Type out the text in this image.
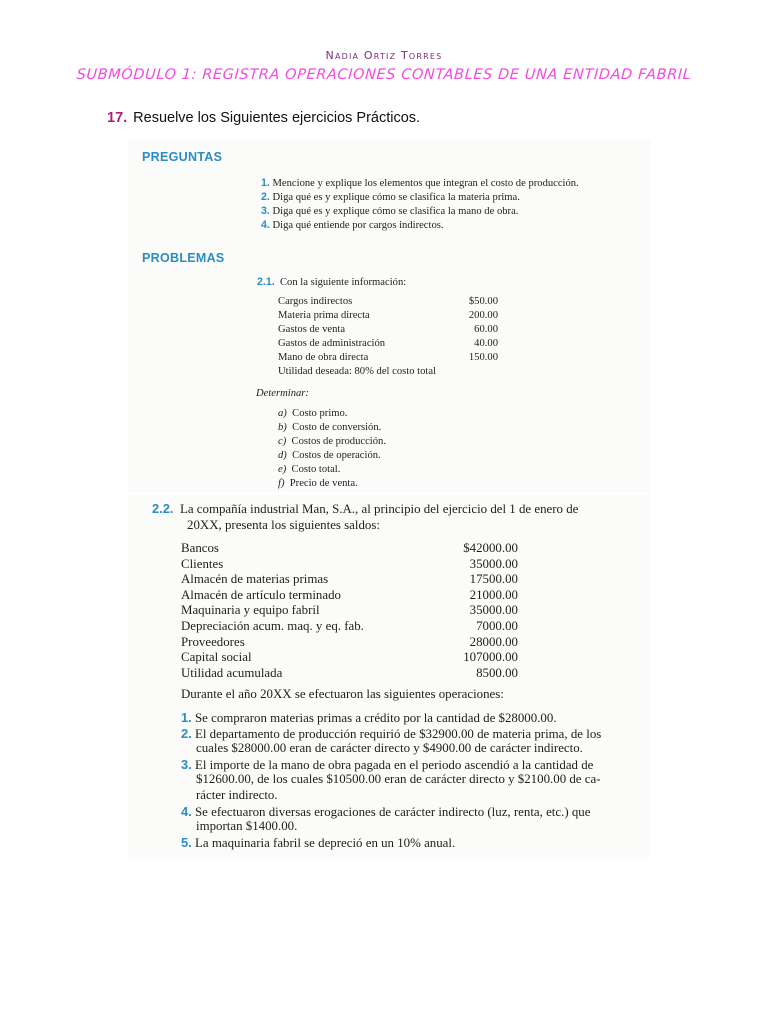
Nadia Ortiz Torres
SUBMÓDULO 1: REGISTRA OPERACIONES CONTABLES DE UNA ENTIDAD FABRIL
17. Resuelve los Siguientes ejercicios Prácticos.
PREGUNTAS
1. Mencione y explique los elementos que integran el costo de producción.
2. Diga qué es y explique cómo se clasifica la materia prima.
3. Diga qué es y explique cómo se clasifica la mano de obra.
4. Diga qué entiende por cargos indirectos.
PROBLEMAS
2.1. Con la siguiente información:
Cargos indirectos	$50.00
Materia prima directa	200.00
Gastos de venta	60.00
Gastos de administración	40.00
Mano de obra directa	150.00
Utilidad deseada: 80% del costo total
Determinar:
a) Costo primo.
b) Costo de conversión.
c) Costos de producción.
d) Costos de operación.
e) Costo total.
f) Precio de venta.
2.2. La compañía industrial Man, S.A., al principio del ejercicio del 1 de enero de
20XX, presenta los siguientes saldos:
Bancos	$42000.00
Clientes	35000.00
Almacén de materias primas	17500.00
Almacén de artículo terminado	21000.00
Maquinaria y equipo fabril	35000.00
Depreciación acum. maq. y eq. fab.	7000.00
Proveedores	28000.00
Capital social	107000.00
Utilidad acumulada	8500.00
Durante el año 20XX se efectuaron las siguientes operaciones:
1. Se compraron materias primas a crédito por la cantidad de $28000.00.
2. El departamento de producción requirió de $32900.00 de materia prima, de los
cuales $28000.00 eran de carácter directo y $4900.00 de carácter indirecto.
3. El importe de la mano de obra pagada en el periodo ascendió a la cantidad de
$12600.00, de los cuales $10500.00 eran de carácter directo y $2100.00 de ca-
rácter indirecto.
4. Se efectuaron diversas erogaciones de carácter indirecto (luz, renta, etc.) que
importan $1400.00.
5. La maquinaria fabril se depreció en un 10% anual.
